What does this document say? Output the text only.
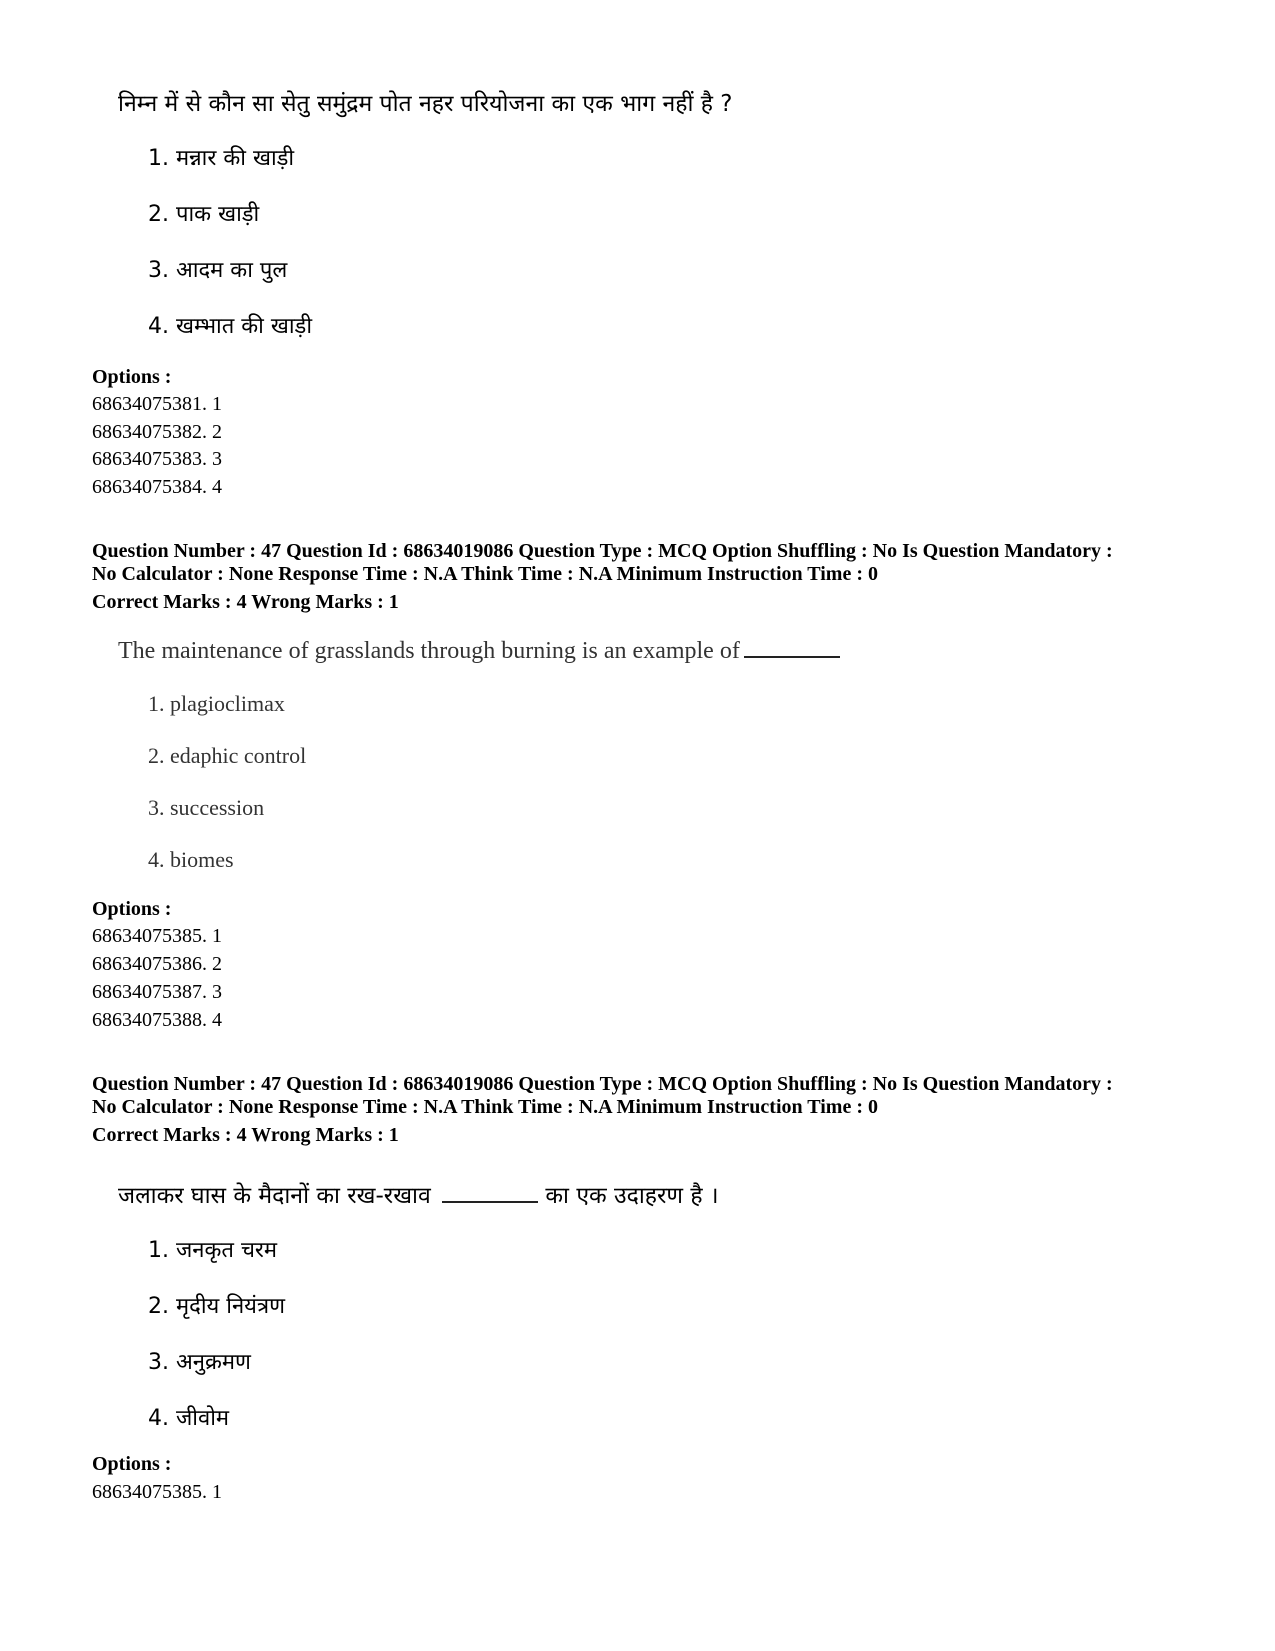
निम्न में से कौन सा सेतु समुंद्रम पोत नहर परियोजना का एक भाग नहीं है ?
1. मन्नार की खाड़ी
2. पाक खाड़ी
3. आदम का पुल
4. खम्भात की खाड़ी
Options :
68634075381. 1
68634075382. 2
68634075383. 3
68634075384. 4
Question Number : 47 Question Id : 68634019086 Question Type : MCQ Option Shuffling : No Is Question Mandatory :
No Calculator : None Response Time : N.A Think Time : N.A Minimum Instruction Time : 0
Correct Marks : 4 Wrong Marks : 1
The maintenance of grasslands through burning is an example of
1. plagioclimax
2. edaphic control
3. succession
4. biomes
Options :
68634075385. 1
68634075386. 2
68634075387. 3
68634075388. 4
Question Number : 47 Question Id : 68634019086 Question Type : MCQ Option Shuffling : No Is Question Mandatory :
No Calculator : None Response Time : N.A Think Time : N.A Minimum Instruction Time : 0
Correct Marks : 4 Wrong Marks : 1
जलाकर घास के मैदानों का रख-रखाव	का एक उदाहरण है ।
1. जनकृत चरम
2. मृदीय नियंत्रण
3. अनुक्रमण
4. जीवोम
Options :
68634075385. 1
